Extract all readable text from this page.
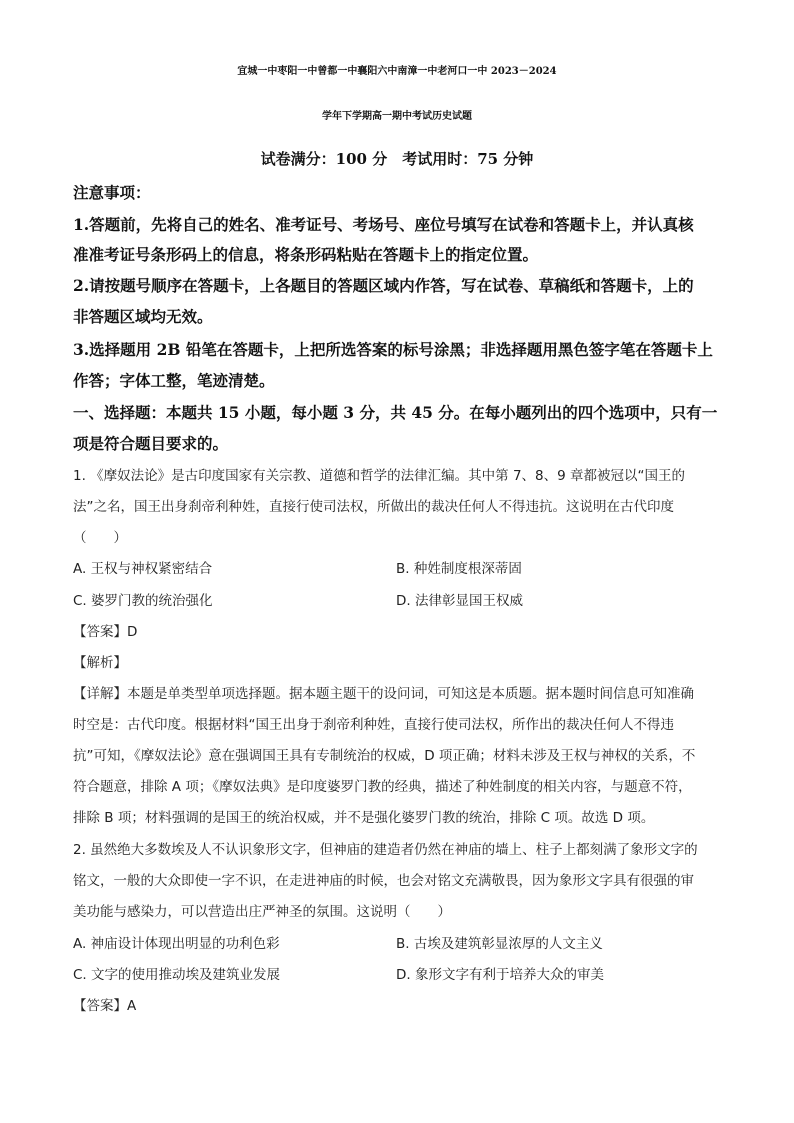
宜城一中枣阳一中曾都一中襄阳六中南漳一中老河口一中 2023－2024
学年下学期高一期中考试历史试题
试卷满分：100 分　考试用时：75 分钟
注意事项：
1.答题前，先将自己的姓名、准考证号、考场号、座位号填写在试卷和答题卡上，并认真核
准准考证号条形码上的信息，将条形码粘贴在答题卡上的指定位置。
2.请按题号顺序在答题卡，上各题目的答题区域内作答，写在试卷、草稿纸和答题卡，上的
非答题区域均无效。
3.选择题用 2B 铅笔在答题卡，上把所选答案的标号涂黑；非选择题用黑色签字笔在答题卡上
作答；字体工整，笔迹清楚。
一、选择题：本题共 15 小题，每小题 3 分，共 45 分。在每小题列出的四个选项中，只有一
项是符合题目要求的。
1. 《摩奴法论》是古印度国家有关宗教、道德和哲学的法律汇编。其中第 7、8、9 章都被冠以“国王的
法”之名，国王出身刹帝利种姓，直接行使司法权，所做出的裁决任何人不得违抗。这说明在古代印度
（　　）
A. 王权与神权紧密结合	B. 种姓制度根深蒂固
C. 婆罗门教的统治强化	D. 法律彰显国王权威
【答案】D
【解析】
【详解】本题是单类型单项选择题。据本题主题干的设问词，可知这是本质题。据本题时间信息可知准确
时空是：古代印度。根据材料“国王出身于刹帝利种姓，直接行使司法权，所作出的裁决任何人不得违
抗”可知，《摩奴法论》意在强调国王具有专制统治的权威，D 项正确；材料未涉及王权与神权的关系，不
符合题意，排除 A 项；《摩奴法典》是印度婆罗门教的经典，描述了种姓制度的相关内容，与题意不符，
排除 B 项；材料强调的是国王的统治权威，并不是强化婆罗门教的统治，排除 C 项。故选 D 项。
2. 虽然绝大多数埃及人不认识象形文字，但神庙的建造者仍然在神庙的墙上、柱子上都刻满了象形文字的
铭文，一般的大众即使一字不识，在走进神庙的时候，也会对铭文充满敬畏，因为象形文字具有很强的审
美功能与感染力，可以营造出庄严神圣的氛围。这说明（　　）
A. 神庙设计体现出明显的功利色彩	B. 古埃及建筑彰显浓厚的人文主义
C. 文字的使用推动埃及建筑业发展	D. 象形文字有利于培养大众的审美
【答案】A
